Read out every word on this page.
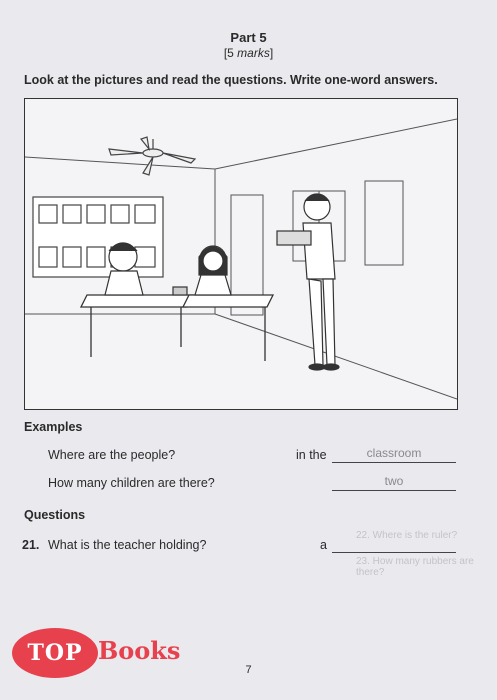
Part 5
[5 marks]
Look at the pictures and read the questions. Write one-word answers.
Examples
Where are the people?	in the	classroom
How many children are there?	two
Questions
21. What is the teacher holding?	a
22. Where is the ruler?
23. How many rubbers are there?
7
TOP Books
